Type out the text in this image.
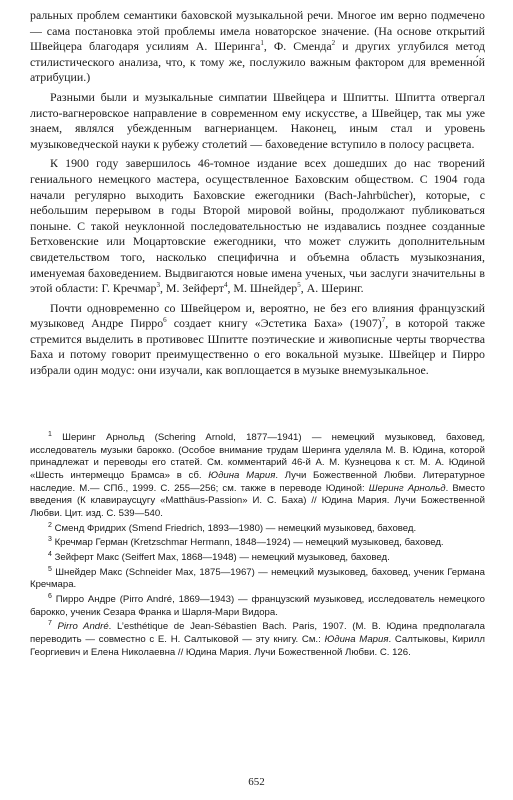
ральных проблем семантики баховской музыкальной речи. Многое им верно подмечено — сама постановка этой проблемы имела новаторское значение. (На основе открытий Швейцера благодаря усилиям А. Шеринга$^1$, Ф. Сменда$^2$ и других углубился метод стилистического анализа, что, к тому же, послужило важным фактором для временно́й атрибуции.)

Разными были и музыкальные симпатии Швейцера и Шпитты. Шпитта отвергал листо-вагнеровское направление в современном ему искусстве, а Швейцер, так мы уже знаем, являлся убежденным вагнерианцем. Наконец, иным стал и уровень музыковедческой науки к рубежу столетий — баховедение вступило в полосу расцвета.

К 1900 году завершилось 46-томное издание всех дошедших до нас творений гениального немецкого мастера, осуществленное Баховским обществом. С 1904 года начали регулярно выходить Баховские ежегодники (Bach-Jahrbücher), которые, с небольшим перерывом в годы Второй мировой войны, продолжают публиковаться поныне. С такой неуклонной последовательностью не издавались позднее созданные Бетховенские или Моцартовские ежегодники, что может служить дополнительным свидетельством того, насколько специфична и объемна область музыкознания, именуемая баховедением. Выдвигаются новые имена ученых, чьи заслуги значительны в этой области: Г. Кречмар$^3$, М. Зейферт$^4$, М. Шнейдер$^5$, А. Шеринг.

Почти одновременно со Швейцером и, вероятно, не без его влияния французский музыковед Андре Пирро$^6$ создает книгу «Эстетика Баха» $(1907)^7$, в которой также стремится выделить в противовес Шпитте поэтические и живописные черты творчества Баха и потому говорит преимущественно о его вокальной музыке. Швейцер и Пирро избрали один модус: они изучали, как воплощается в музыке внемузыкальное.

$^1$ Шеринг Арнольд (Schering Arnold, 1877—1941) — немецкий музыковед, баховед, исследователь музыки барокко. (Особое внимание трудам Шеринга уделяла М. В. Юдина, которой принадлежат и переводы его статей. См. комментарий 46-й А. М. Кузнецова к ст. М. А. Юдиной «Шесть интермеццо Брамса» в сб. Юдина Мария. Лучи Божественной Любви. Литературное наследие. М.— СПб., 1999. С. 255—256; см. также в переводе Юдиной: Шеринг Арнольд. Вместо введения (К клавирауcцугу «Matthäus-Passion» И. С. Баха) // Юдина Мария. Лучи Божественной Любви. Цит. изд. С. 539—540.
$^2$ Сменд Фридрих (Smend Friedrich, 1893—1980) — немецкий музыковед, баховед.
$^3$ Кречмар Герман (Kretzschmar Hermann, 1848—1924) — немецкий музыковед, баховед.
$^4$ Зейферт Макс (Seiffert Max, 1868—1948) — немецкий музыковед, баховед.
$^5$ Шнейдер Макс (Schneider Max, 1875—1967) — немецкий музыковед, баховед, ученик Германа Кречмара.
$^6$ Пирро Андре (Pirro André, 1869—1943) — французский музыковед, исследователь немецкого барокко, ученик Сезара Франка и Шарля-Мари Видора.
$^7$ Pirro André. L’esthétique de Jean-Sébastien Bach. Paris, 1907. (М. В. Юдина предполагала переводить — совместно с Е. Н. Салтыковой — эту книгу. См.: Юдина Мария. Салтыковы, Кирилл Георгиевич и Елена Николаевна // Юдина Мария. Лучи Божественной Любви. С. 126.
652
